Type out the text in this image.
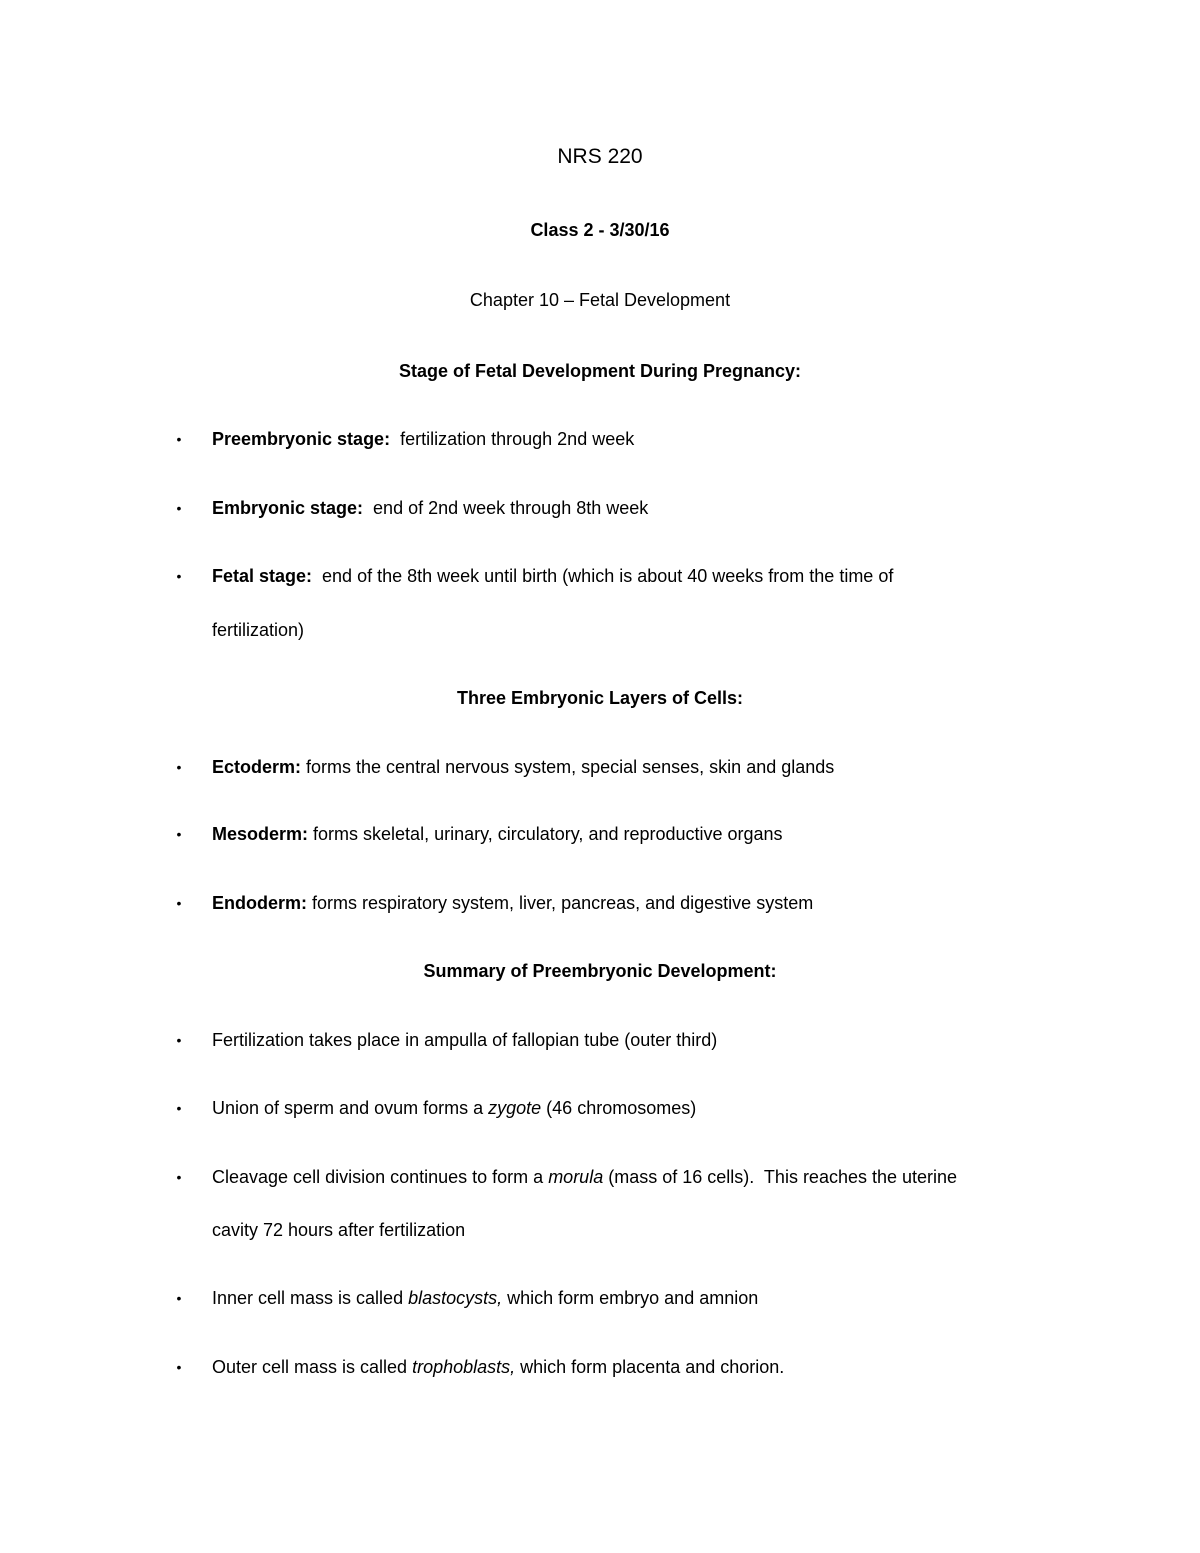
NRS 220
Class 2 - 3/30/16
Chapter 10 – Fetal Development
Stage of Fetal Development During Pregnancy:
• Preembryonic stage:  fertilization through 2nd week
• Embryonic stage:  end of 2nd week through 8th week
• Fetal stage:  end of the 8th week until birth (which is about 40 weeks from the time of
fertilization)
Three Embryonic Layers of Cells:
• Ectoderm: forms the central nervous system, special senses, skin and glands
• Mesoderm: forms skeletal, urinary, circulatory, and reproductive organs
• Endoderm: forms respiratory system, liver, pancreas, and digestive system
Summary of Preembryonic Development:
• Fertilization takes place in ampulla of fallopian tube (outer third)
• Union of sperm and ovum forms a zygote (46 chromosomes)
• Cleavage cell division continues to form a morula (mass of 16 cells).  This reaches the uterine
cavity 72 hours after fertilization
• Inner cell mass is called blastocysts, which form embryo and amnion
• Outer cell mass is called trophoblasts, which form placenta and chorion.
